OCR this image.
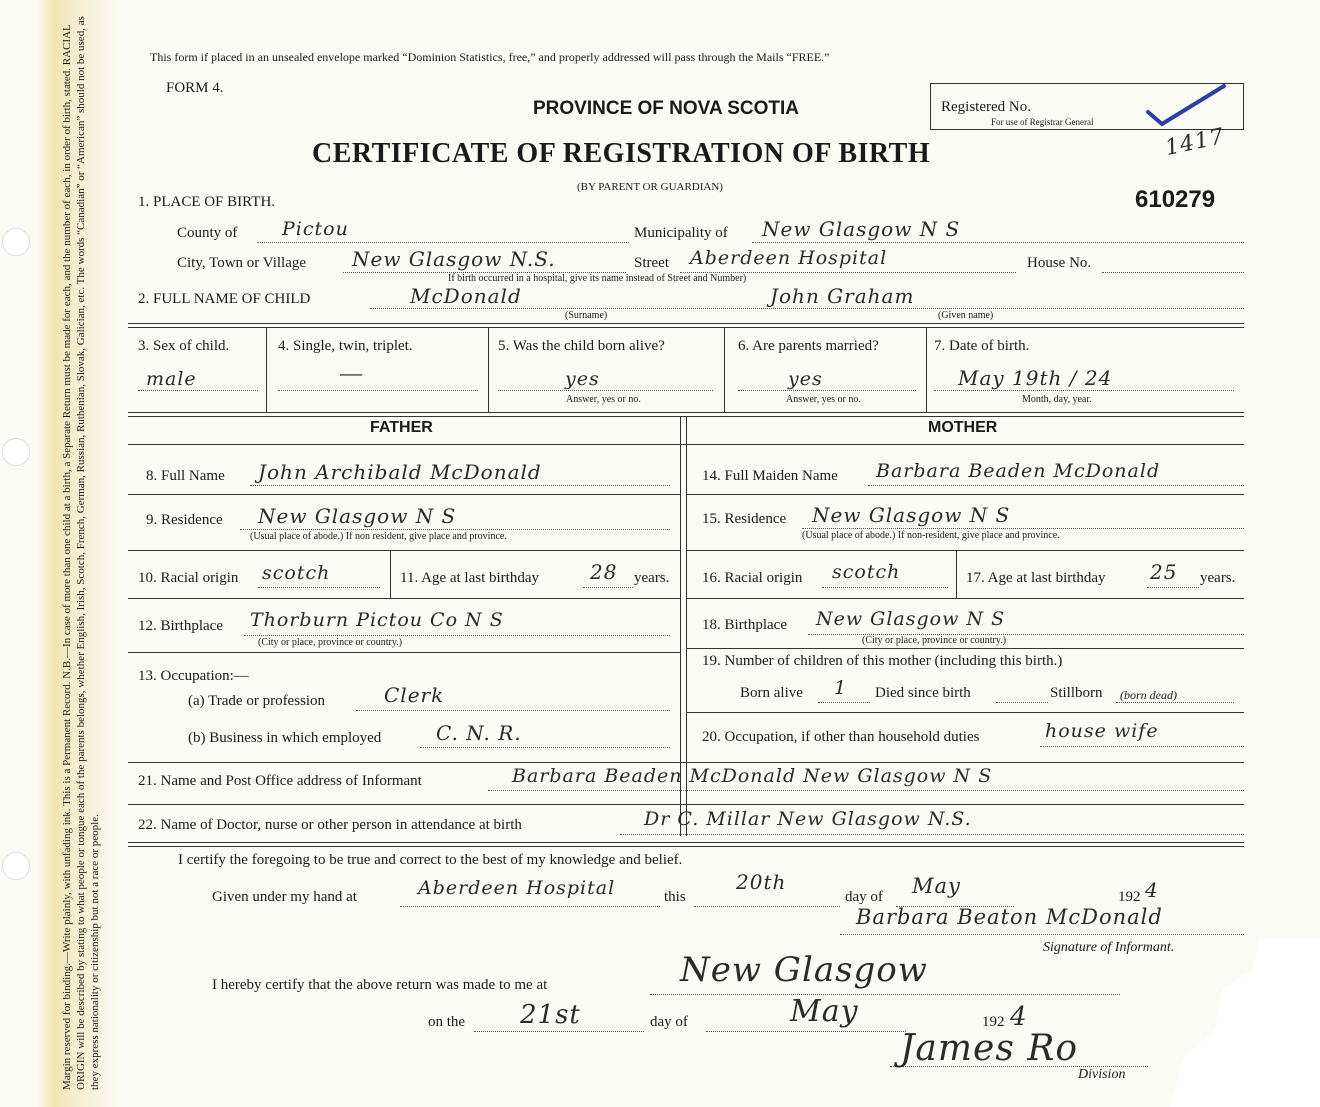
Margin reserved for binding.—Write plainly, with unfading ink. This is a Permanent Record. N.B.—In case of more than one child at a birth, a Separate Return must be made for each, and the number of each, in order of birth, stated. RACIAL ORIGIN will be described by stating to what people or tongue each of the parents belongs, whether English, Irish, Scotch, French, German, Russian, Ruthenian, Slovak, Galician, etc. The words “Canadian” or “American” should not be used, as they express nationality or citizenship but not a race or people.
This form if placed in an unsealed envelope marked “Dominion Statistics, free,” and properly addressed will pass through the Mails “FREE.”
FORM 4.
PROVINCE OF NOVA SCOTIA
CERTIFICATE OF REGISTRATION OF BIRTH
(BY PARENT OR GUARDIAN)
Registered No.
For use of Registrar General
1417
610279
1. PLACE OF BIRTH.
County of Pictou	Municipality of New Glasgow N S
City, Town or Village New Glasgow N.S.	Street Aberdeen Hospital	House No.
If birth occurred in a hospital, give its name instead of Street and Number)
2. FULL NAME OF CHILD	McDonald
(Surname)
John Graham
(Given name)
3. Sex of child.
male
4. Single, twin, triplet.
—
5. Was the child born alive?
yes
Answer, yes or no.
6. Are parents married?
yes
Answer, yes or no.
7. Date of birth.
May 19th / 24
Month, day, year.
FATHER	MOTHER
8. Full Name John Archibald McDonald
9. Residence New Glasgow N S
(Usual place of abode.) If non resident, give place and province.
10. Racial origin scotch	11. Age at last birthday	28 years.
12. Birthplace Thorburn Pictou Co N S
(City or place, province or country.)
13. Occupation:—
(a) Trade or profession	Clerk
(b) Business in which employed	C. N. R.
14. Full Maiden Name Barbara Beaden McDonald
15. Residence New Glasgow N S
(Usual place of abode.) If non-resident, give place and province.
16. Racial origin scotch	17. Age at last birthday 25 years.
18. Birthplace New Glasgow N S
(City or place, province or country.)
19. Number of children of this mother (including this birth.)
Born alive 1 Died since birth	Stillborn (born dead)
20. Occupation, if other than household duties	house wife
21. Name and Post Office address of Informant	Barbara Beaden McDonald New Glasgow N S
22. Name of Doctor, nurse or other person in attendance at birth	Dr C. Millar New Glasgow N.S.
I certify the foregoing to be true and correct to the best of my knowledge and belief.
Given under my hand at	Aberdeen Hospital	this
20th
day of May	192 4
Barbara Beaton McDonald
Signature of Informant.
I hereby certify that the above return was made to me at	New Glasgow
on the 21st	day of	May	192 4
James Ro
Division
